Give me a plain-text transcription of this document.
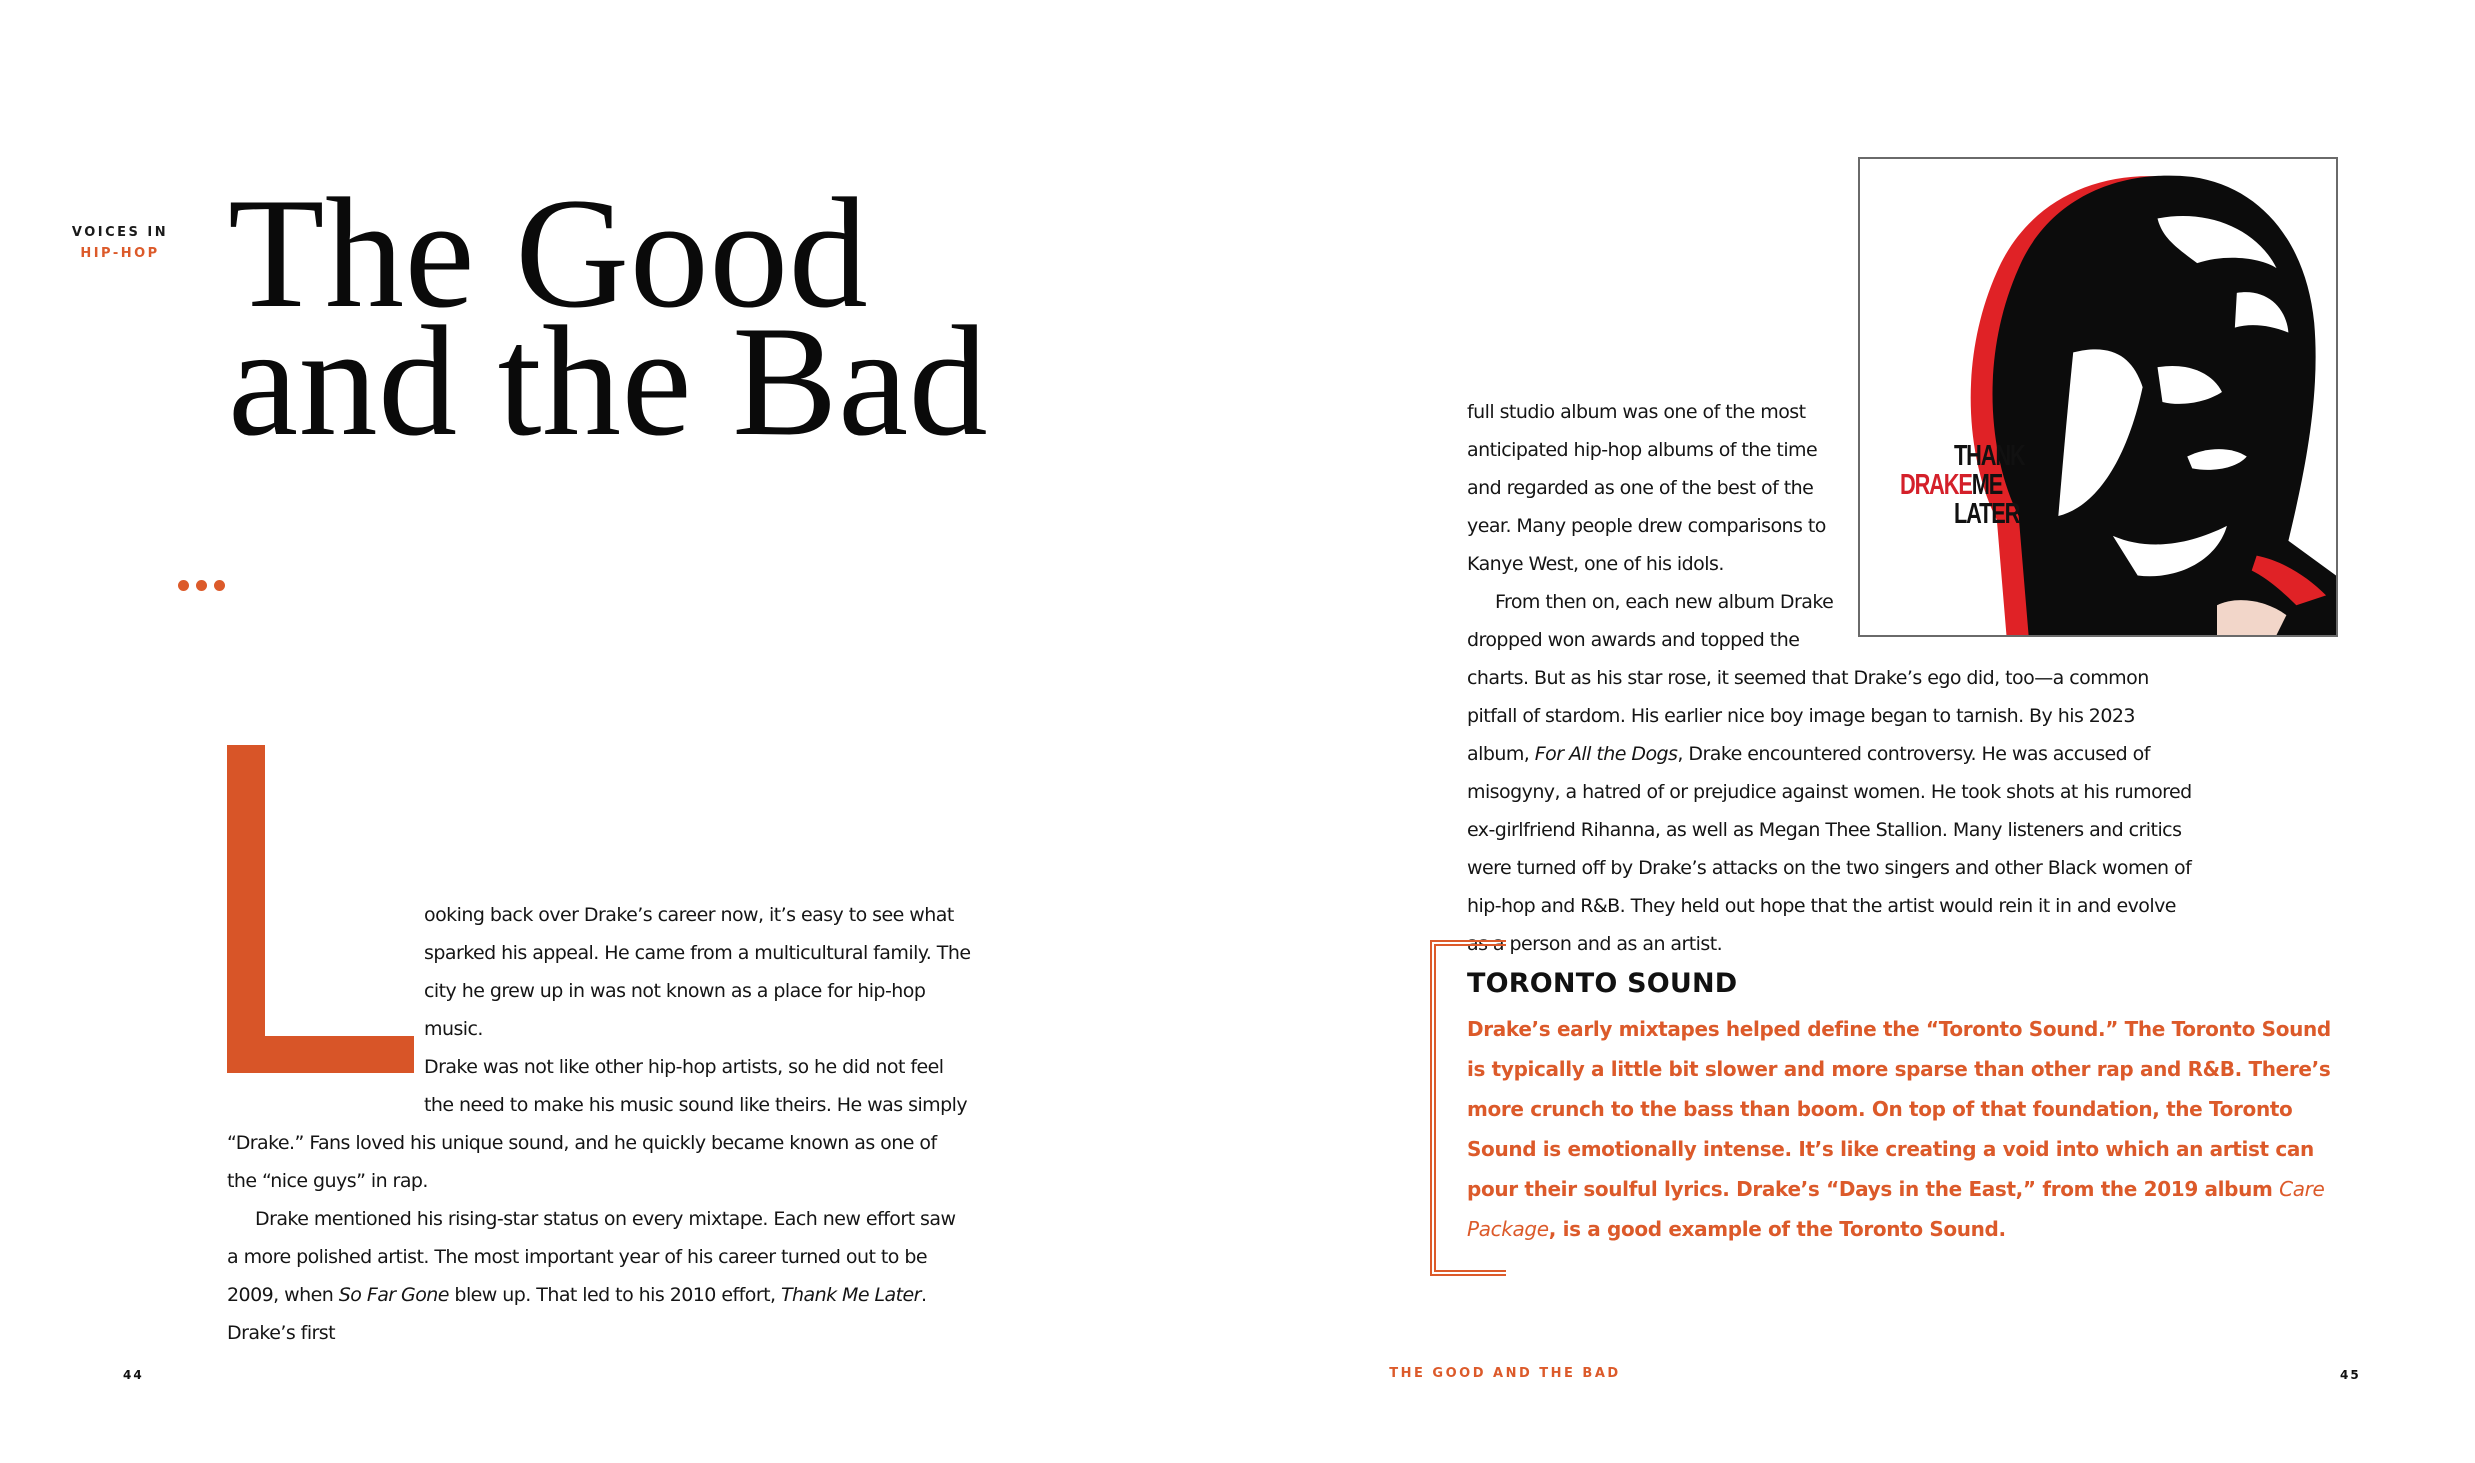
VOICES IN
HIP-HOP The Good
and the Bad

ooking back over Drake’s career now, it’s easy to see what
sparked his appeal. He came from a multicultural family. The
city he grew up in was not known as a place for hip-hop music.
Drake was not like other hip-hop artists, so he did not feel
the need to make his music sound like theirs. He was simply
“Drake.” Fans loved his unique sound, and he quickly became known as one of the “nice guys” in rap.

Drake mentioned his rising-star status on every mixtape. Each new effort saw a more polished artist. The most important year of his career turned out to be 2009, when So Far Gone blew up. That led to his 2010 effort, Thank Me Later. Drake’s first

44
THANK
DRAKEME
LATER

full studio album was one of the most
anticipated hip-hop albums of the time
and regarded as one of the best of the
year. Many people drew comparisons to
Kanye West, one of his idols.

From then on, each new album Drake
dropped won awards and topped the
charts. But as his star rose, it seemed that Drake’s ego did, too—a common pitfall of stardom. His earlier nice boy image began to tarnish. By his 2023 album, For All the Dogs, Drake encountered controversy. He was accused of misogyny, a hatred of or prejudice against women. He took shots at his rumored ex-girlfriend Rihanna, as well as Megan Thee Stallion. Many listeners and critics were turned off by Drake’s attacks on the two singers and other Black women of hip-hop and R&B. They held out hope that the artist would rein it in and evolve as a person and as an artist.

TORONTO SOUND

Drake’s early mixtapes helped define the “Toronto Sound.” The Toronto Sound is typically a little bit slower and more sparse than other rap and R&B. There’s more crunch to the bass than boom. On top of that foundation, the Toronto Sound is emotionally intense. It’s like creating a void into which an artist can pour their soulful lyrics. Drake’s “Days in the East,” from the 2019 album Care Package, is a good example of the Toronto Sound.

THE GOOD AND THE BAD	45
